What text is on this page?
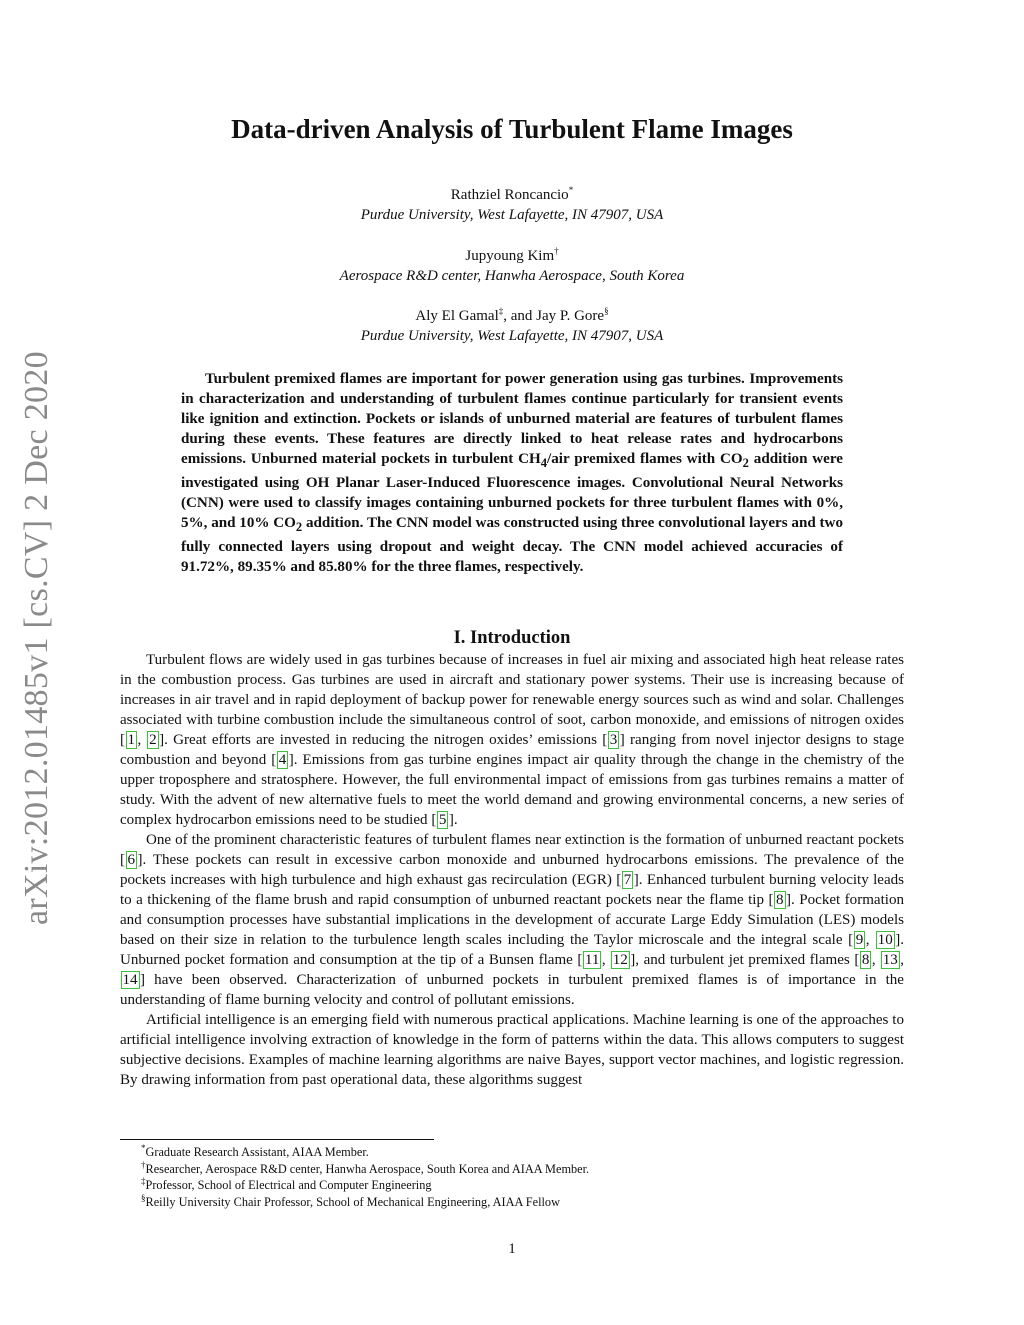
arXiv:2012.01485v1 [cs.CV] 2 Dec 2020
Data-driven Analysis of Turbulent Flame Images
Rathziel Roncancio*
Purdue University, West Lafayette, IN 47907, USA
Jupyoung Kim†
Aerospace R&D center, Hanwha Aerospace, South Korea
Aly El Gamal‡, and Jay P. Gore§
Purdue University, West Lafayette, IN 47907, USA

Turbulent premixed flames are important for power generation using gas turbines. Improvements in characterization and understanding of turbulent flames continue particularly for transient events like ignition and extinction. Pockets or islands of unburned material are features of turbulent flames during these events. These features are directly linked to heat release rates and hydrocarbons emissions. Unburned material pockets in turbulent $CH_4$/air premixed flames with $CO_2$ addition were investigated using OH Planar Laser-Induced Fluorescence images. Convolutional Neural Networks (CNN) were used to classify images containing unburned pockets for three turbulent flames with 0%, 5%, and 10% $CO_2$ addition. The CNN model was constructed using three convolutional layers and two fully connected layers using dropout and weight decay. The CNN model achieved accuracies of 91.72%, 89.35% and 85.80% for the three flames, respectively.

I. Introduction

Turbulent flows are widely used in gas turbines because of increases in fuel air mixing and associated high heat release rates in the combustion process. Gas turbines are used in aircraft and stationary power systems. Their use is increasing because of increases in air travel and in rapid deployment of backup power for renewable energy sources such as wind and solar. Challenges associated with turbine combustion include the simultaneous control of soot, carbon monoxide, and emissions of nitrogen oxides [ 1 , 2 ]. Great efforts are invested in reducing the nitrogen oxides’ emissions [ 3 ] ranging from novel injector designs to stage combustion and beyond [ 4 ]. Emissions from gas turbine engines impact air quality through the change in the chemistry of the upper troposphere and stratosphere. However, the full environmental impact of emissions from gas turbines remains a matter of study. With the advent of new alternative fuels to meet the world demand and growing environmental concerns, a new series of complex hydrocarbon emissions need to be studied [ 5 ].

One of the prominent characteristic features of turbulent flames near extinction is the formation of unburned reactant pockets [ 6 ]. These pockets can result in excessive carbon monoxide and unburned hydrocarbons emissions. The prevalence of the pockets increases with high turbulence and high exhaust gas recirculation (EGR) [ 7 ]. Enhanced turbulent burning velocity leads to a thickening of the flame brush and rapid consumption of unburned reactant pockets near the flame tip [ 8 ]. Pocket formation and consumption processes have substantial implications in the development of accurate Large Eddy Simulation (LES) models based on their size in relation to the turbulence length scales including the Taylor microscale and the integral scale [ 9 , 10 ]. Unburned pocket formation and consumption at the tip of a Bunsen flame [ 11 , 12 ], and turbulent jet premixed flames [ 8 , 13 , 14 ] have been observed. Characterization of unburned pockets in turbulent premixed flames is of importance in the understanding of flame burning velocity and control of pollutant emissions.

Artificial intelligence is an emerging field with numerous practical applications. Machine learning is one of the approaches to artificial intelligence involving extraction of knowledge in the form of patterns within the data. This allows computers to suggest subjective decisions. Examples of machine learning algorithms are naive Bayes, support vector machines, and logistic regression. By drawing information from past operational data, these algorithms suggest

*Graduate Research Assistant, AIAA Member.
†Researcher, Aerospace R&D center, Hanwha Aerospace, South Korea and AIAA Member.
‡Professor, School of Electrical and Computer Engineering
§Reilly University Chair Professor, School of Mechanical Engineering, AIAA Fellow
1
